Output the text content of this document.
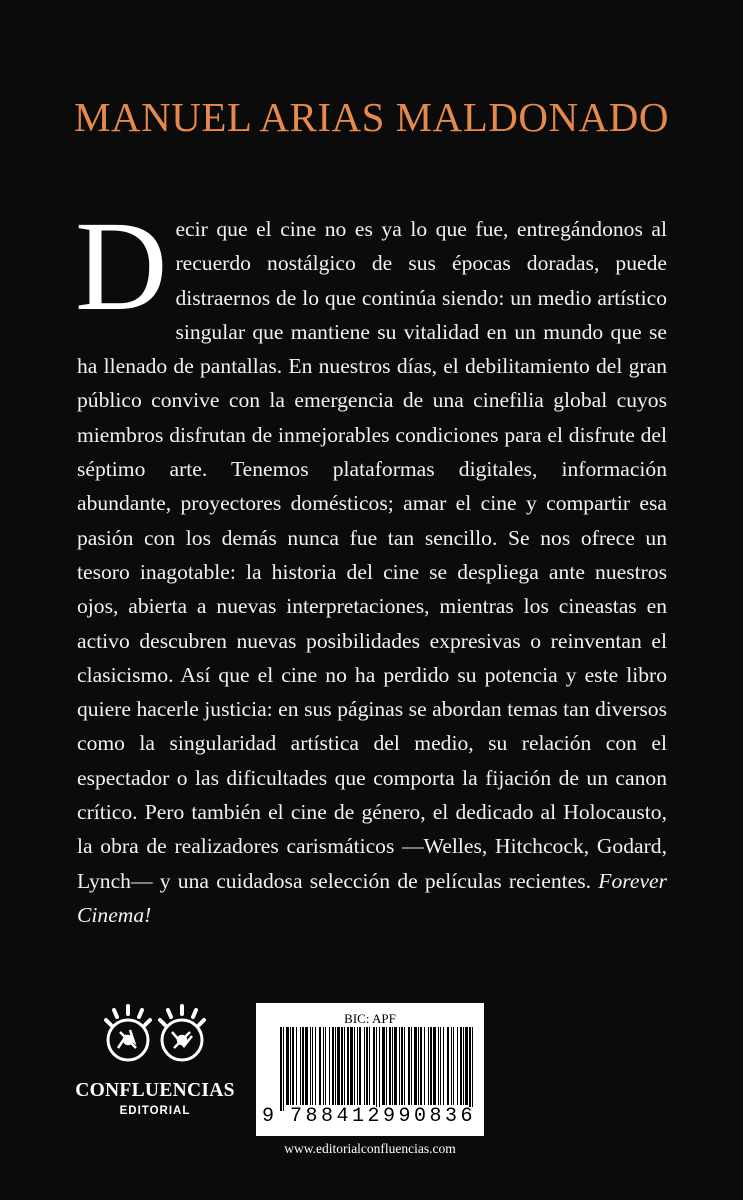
MANUEL ARIAS MALDONADO
Decir que el cine no es ya lo que fue, entregándonos al recuerdo nostálgico de sus épocas doradas, puede distraernos de lo que continúa siendo: un medio artístico singular que mantiene su vitalidad en un mundo que se ha llenado de pantallas. En nuestros días, el debilitamiento del gran público convive con la emergencia de una cinefilia global cuyos miembros disfrutan de inmejorables condiciones para el disfrute del séptimo arte. Tenemos plataformas digitales, información abundante, proyectores domésticos; amar el cine y compartir esa pasión con los demás nunca fue tan sencillo. Se nos ofrece un tesoro inagotable: la historia del cine se despliega ante nuestros ojos, abierta a nuevas interpretaciones, mientras los cineastas en activo descubren nuevas posibilidades expresivas o reinventan el clasicismo. Así que el cine no ha perdido su potencia y este libro quiere hacerle justicia: en sus páginas se abordan temas tan diversos como la singularidad artística del medio, su relación con el espectador o las dificultades que comporta la fijación de un canon crítico. Pero también el cine de género, el dedicado al Holocausto, la obra de realizadores carismáticos —Welles, Hitchcock, Godard, Lynch— y una cuidadosa selección de películas recientes. Forever Cinema!
CONFLUENCIAS
EDITORIAL
BIC: APF
9 788412 990836
www.editorialconfluencias.com
